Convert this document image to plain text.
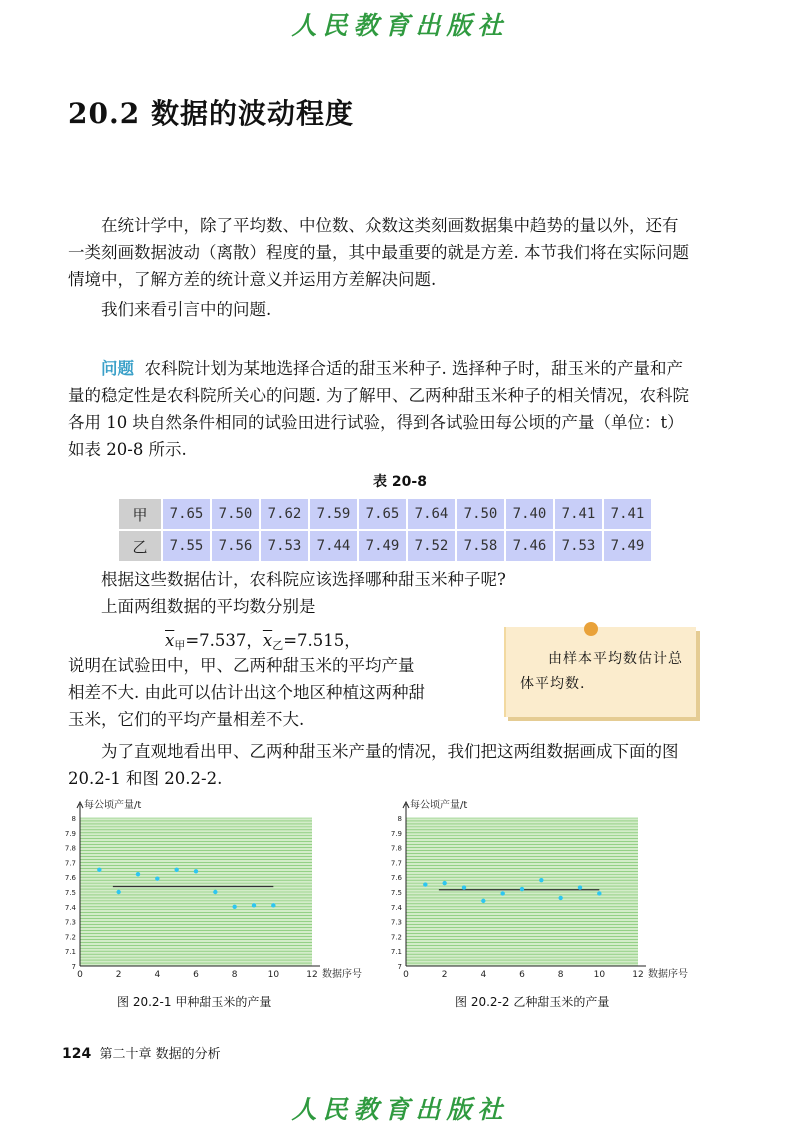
人民教育出版社
20.2 数据的波动程度

在统计学中，除了平均数、中位数、众数这类刻画数据集中趋势的量以外，还有一类刻画数据波动（离散）程度的量，其中最重要的就是方差. 本节我们将在实际问题情境中，了解方差的统计意义并运用方差解决问题.

我们来看引言中的问题.

问题 农科院计划为某地选择合适的甜玉米种子. 选择种子时，甜玉米的产量和产量的稳定性是农科院所关心的问题. 为了解甲、乙两种甜玉米种子的相关情况，农科院各用 10 块自然条件相同的试验田进行试验，得到各试验田每公顷的产量（单位：t）如表 20-8 所示.

表 20-8
甲	7.65	7.50	7.62	7.59	7.65	7.64	7.50	7.40	7.41	7.41
乙	7.55	7.56	7.53	7.44	7.49	7.52	7.58	7.46	7.53	7.49

根据这些数据估计，农科院应该选择哪种甜玉米种子呢?

上面两组数据的平均数分别是

$\overline{x}_甲=7.537$，$\overline{x}_乙=7.515$，

说明在试验田中，甲、乙两种甜玉米的平均产量

相差不大. 由此可以估计出这个地区种植这两种甜

玉米，它们的平均产量相差不大.

为了直观地看出甲、乙两种甜玉米产量的情况，我们把这两组数据画成下面的图 20.2-1 和图 20.2-2.

由样本平均数估计总体平均数.
7
7.1
7.2
7.3
7.4
7.5
7.6
7.7
7.8
7.9
8
0	2	4	6	8	10	12
每公顷产量/t
数据序号
7
7.1
7.2
7.3
7.4
7.5
7.6
7.7
7.8
7.9
8
0	2	4	6	8	10	12
每公顷产量/t
数据序号
图 20.2-1 甲种甜玉米的产量	图 20.2-2 乙种甜玉米的产量
124 第二十章 数据的分析
人民教育出版社
